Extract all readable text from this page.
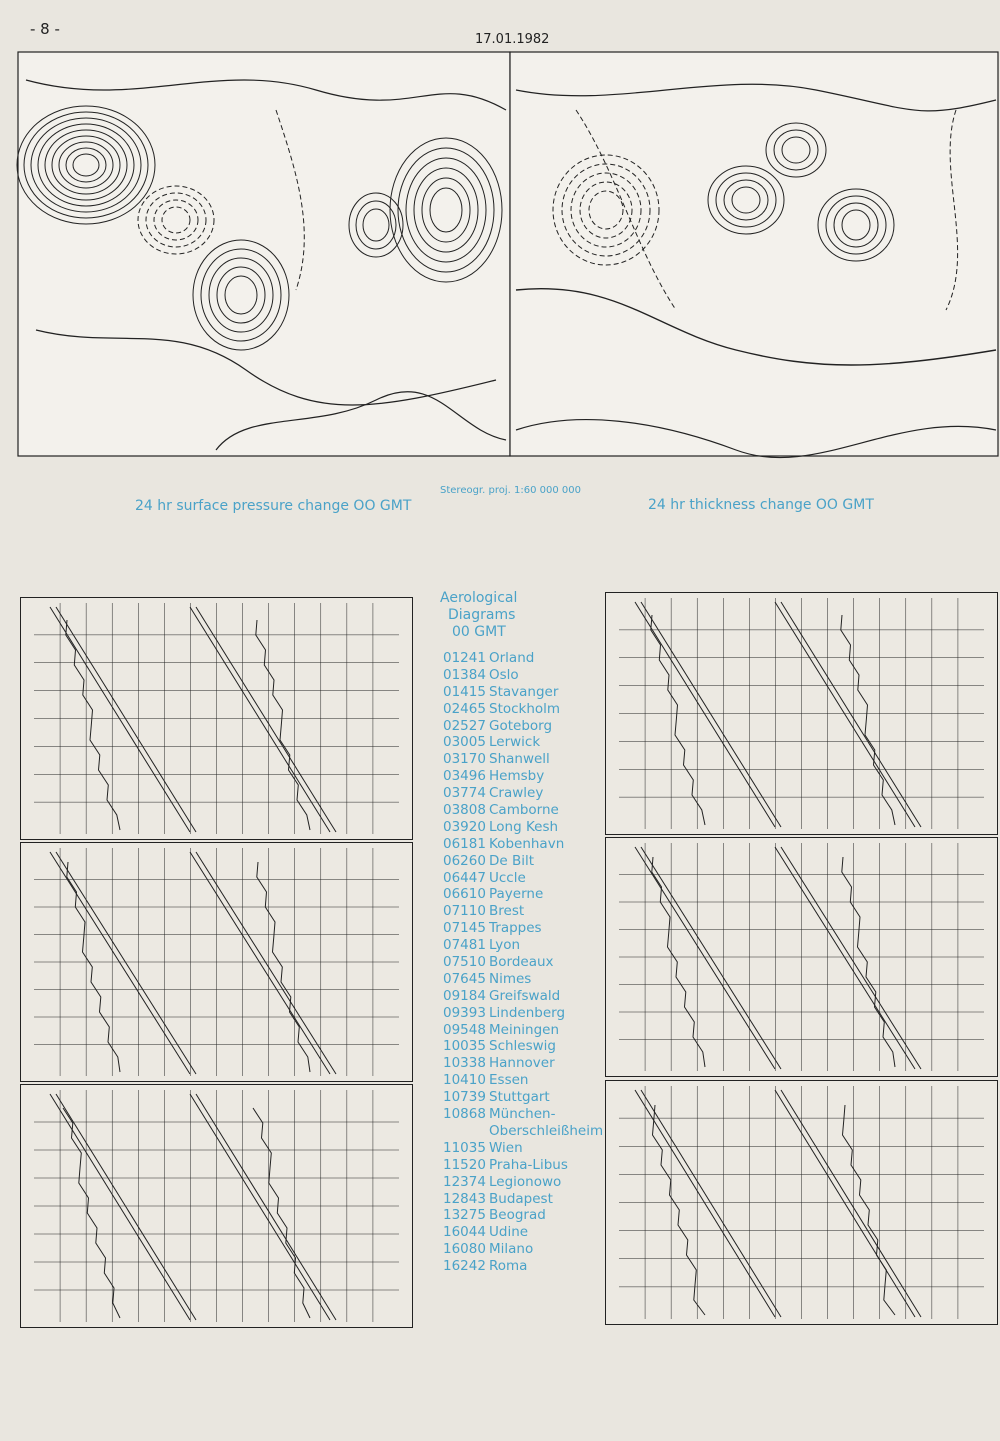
- 8 -
17.01.1982
24 hr surface pressure change OO GMT
Stereogr. proj. 1:60 000 000
24 hr thickness change OO GMT
Aerological
Diagrams
00 GMT
01241 Orland
01384 Oslo
01415 Stavanger
02465 Stockholm
02527 Goteborg
03005 Lerwick
03170 Shanwell
03496 Hemsby
03774 Crawley
03808 Camborne
03920 Long Kesh
06181 Kobenhavn
06260 De Bilt
06447 Uccle
06610 Payerne
07110 Brest
07145 Trappes
07481 Lyon
07510 Bordeaux
07645 Nimes
09184 Greifswald
09393 Lindenberg
09548 Meiningen
10035 Schleswig
10338 Hannover
10410 Essen
10739 Stuttgart
10868 München-
Oberschleißheim
11035 Wien
11520 Praha-Libus
12374 Legionowo
12843 Budapest
13275 Beograd
16044 Udine
16080 Milano
16242 Roma
